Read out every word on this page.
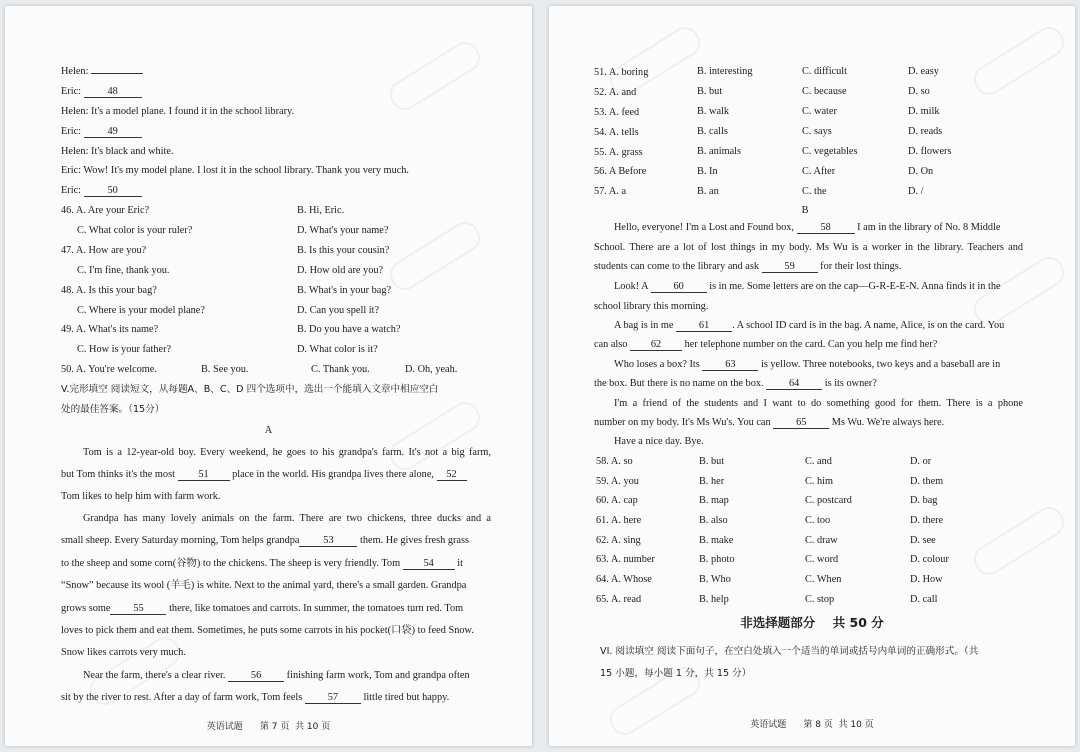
Helen:
Eric:	48
Helen: It's a model plane. I found it in the school library.
Eric:	49
Helen: It's black and white.
Eric: Wow! It's my model plane. I lost it in the school library. Thank you very much.
Eric:	50
46. A. Are your Eric?	B. Hi, Eric.
C. What color is your ruler?	D. What's your name?
47. A. How are you?	B. Is this your cousin?
C. I'm fine, thank you.	D. How old are you?
48. A. Is this your bag?	B. What's in your bag?
C. Where is your model plane?	D. Can you spell it?
49. A. What's its name?	B. Do you have a watch?
C. How is your father?	D. What color is it?
50. A. You're welcome.	B. See you.	C. Thank you.	D. Oh, yeah.
V.完形填空 阅读短文，从每题A、B、C、D 四个选项中，选出一个能填入文章中相应空白
处的最佳答案。（15分）
A
Tom is a 12-year-old boy. Every weekend, he goes to his grandpa's farm. It's not a big farm,
but Tom thinks it's the most 51 place in the world. His grandpa lives there alone, 52
Tom likes to help him with farm work.
Grandpa has many lovely animals on the farm. There are two chickens, three ducks and a
small sheep. Every Saturday morning, Tom helps grandpa 53	them. He gives fresh grass
to the sheep and some corn(谷物) to the chickens. The sheep is very friendly. Tom 54 it
“Snow” because its wool (羊毛) is white. Next to the animal yard, there's a small garden. Grandpa
grows some 55 there, like tomatoes and carrots. In summer, the tomatoes turn red. Tom
loves to pick them and eat them. Sometimes, he puts some carrots in his pocket(口袋) to feed Snow.
Snow likes carrots very much.
Near the farm, there's a clear river. 56 finishing farm work, Tom and grandpa often
sit by the river to rest. After a day of farm work, Tom feels 57 little tired but happy.
英语试题      第 7 页  共 10 页
51. A. boring	B. interesting	C. difficult	D. easy
52. A. and	B. but	C. because	D. so
53. A. feed	B. walk	C. water	D. milk
54. A. tells	B. calls	C. says	D. reads
55. A. grass	B. animals	C. vegetables	D. flowers
56. A Before	B. In	C. After	D. On
57. A. a	B. an	C. the	D. /
B
Hello, everyone! I'm a Lost and Found box,	58	I am in the library of No. 8 Middle
School. There are a lot of lost things in my body. Ms Wu is a worker in the library. Teachers and
students can come to the library and ask 59 for their lost things.
Look! A 60 is in me. Some letters are on the cap—G-R-E-E-N. Anna finds it in the
school library this morning.
A bag is in me 61 . A school ID card is in the bag. A name, Alice, is on the card. You
can also 62 her telephone number on the card. Can you help me find her?
Who loses a box? Its 63 is yellow. Three notebooks, two keys and a baseball are in
the box. But there is no name on the box. 64 is its owner?
I'm a friend of the students and I want to do something good for them. There is a phone
number on my body. It's Ms Wu's. You can 65 Ms Wu. We're always here.
Have a nice day. Bye.
58. A. so	B. but	C. and	D. or
59. A. you	B. her	C. him	D. them
60. A. cap	B. map	C. postcard	D. bag
61. A. here	B. also	C. too	D. there
62. A. sing	B. make	C. draw	D. see
63. A. number	B. photo	C. word	D. colour
64. A. Whose	B. Who	C. When	D. How
65. A. read	B. help	C. stop	D. call
非选择题部分    共 50 分
VI. 阅读填空 阅读下面句子，在空白处填入一个适当的单词或括号内单词的正确形式。（共
15 小题，每小题 1 分，共 15 分）
英语试题      第 8 页  共 10 页
